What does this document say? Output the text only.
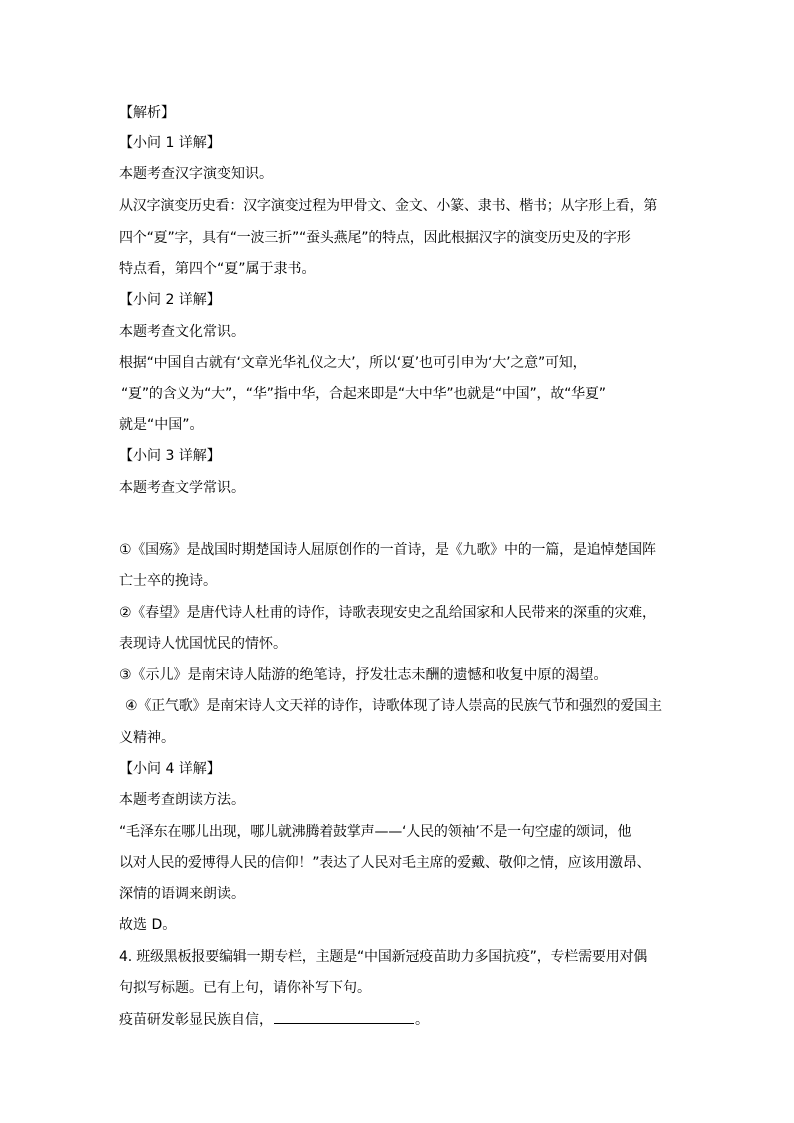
【解析】
【小问 1 详解】
本题考查汉字演变知识。
从汉字演变历史看：汉字演变过程为甲骨文、金文、小篆、隶书、楷书；从字形上看，第
四个“夏”字，具有“一波三折”“蚕头燕尾”的特点，因此根据汉字的演变历史及的字形
特点看，第四个“夏”属于隶书。
【小问 2 详解】
本题考查文化常识。
根据“中国自古就有‘文章光华礼仪之大’，所以‘夏’也可引申为‘大’之意”可知，
“夏”的含义为“大”，“华”指中华，合起来即是“大中华”也就是“中国”，故“华夏”
就是“中国”。
【小问 3 详解】
本题考查文学常识。
①《国殇》是战国时期楚国诗人屈原创作的一首诗，是《九歌》中的一篇，是追悼楚国阵
亡士卒的挽诗。
②《春望》是唐代诗人杜甫的诗作，诗歌表现安史之乱给国家和人民带来的深重的灾难，
表现诗人忧国忧民的情怀。
③《示儿》是南宋诗人陆游的绝笔诗，抒发壮志未酬的遗憾和收复中原的渴望。
④《正气歌》是南宋诗人文天祥的诗作，诗歌体现了诗人崇高的民族气节和强烈的爱国主
义精神。
【小问 4 详解】
本题考查朗读方法。
“毛泽东在哪儿出现，哪儿就沸腾着鼓掌声——‘人民的领袖’不是一句空虚的颂词，他
以对人民的爱博得人民的信仰！”表达了人民对毛主席的爱戴、敬仰之情，应该用激昂、
深情的语调来朗读。
故选 D。
4. 班级黑板报要编辑一期专栏，主题是“中国新冠疫苗助力多国抗疫”，专栏需要用对偶
句拟写标题。已有上句，请你补写下句。
疫苗研发彰显民族自信，	。
